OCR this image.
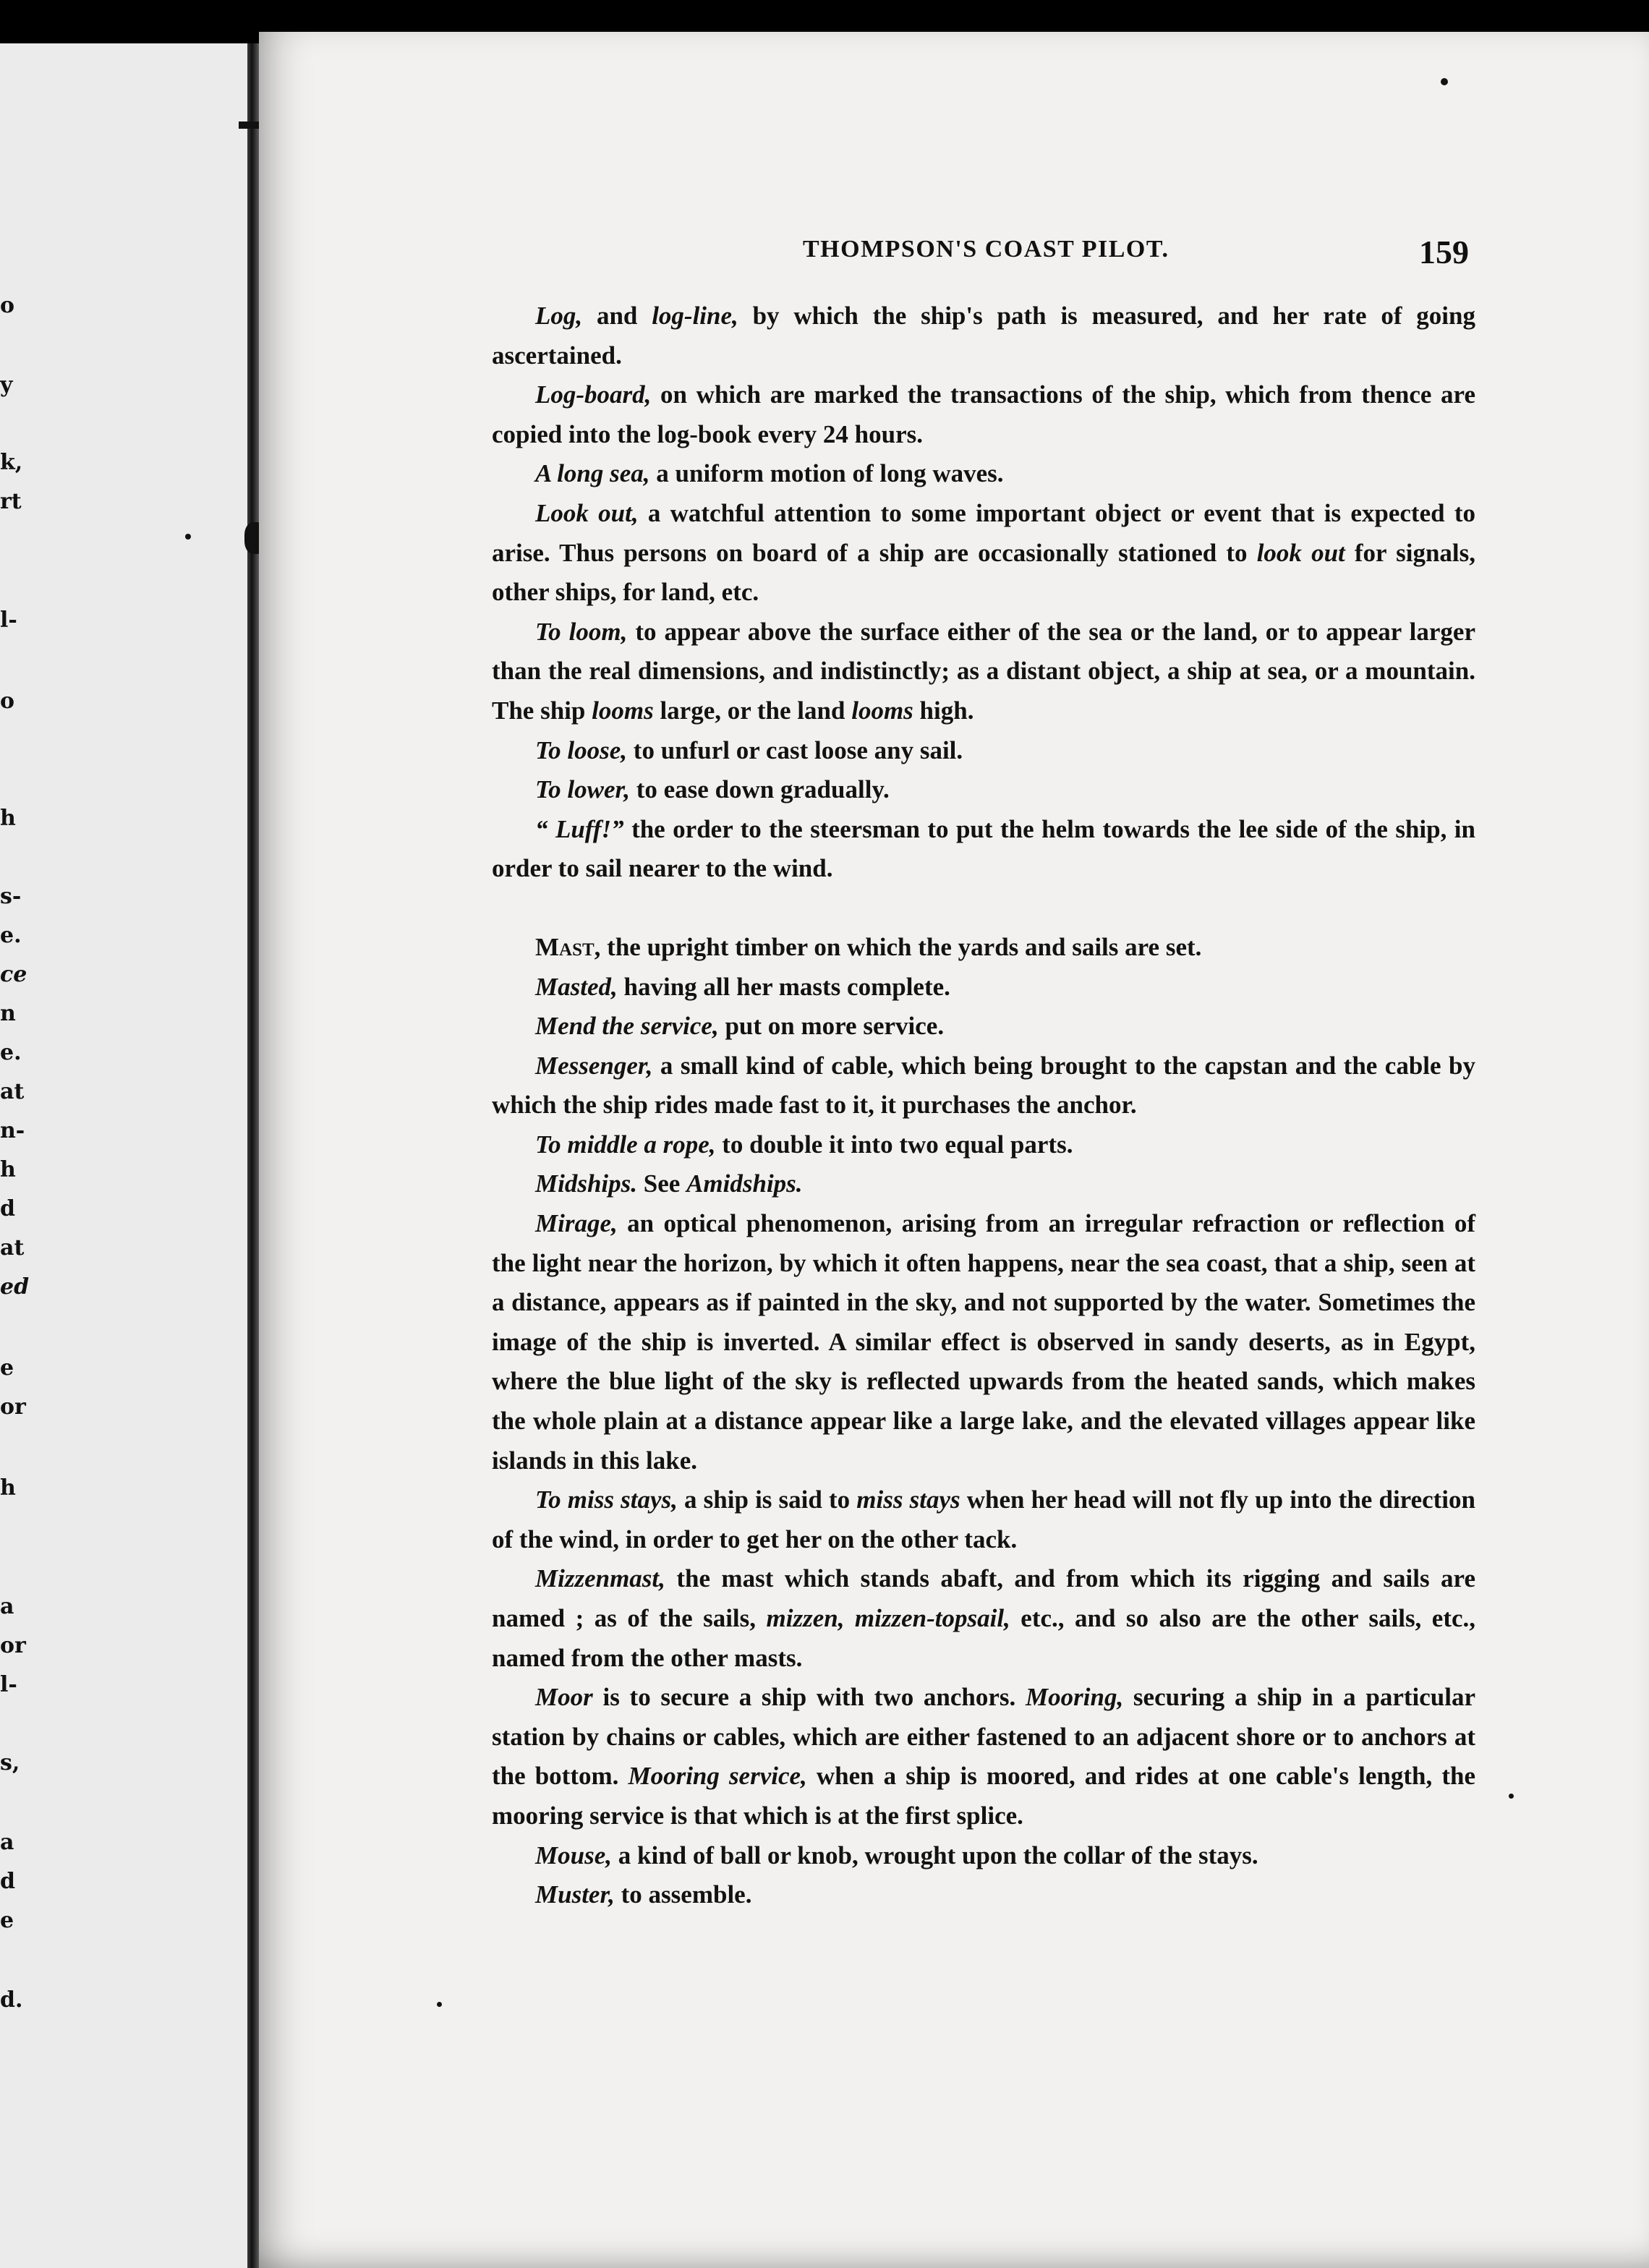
o
y
k,
rt
l-
o
h
s-
e.
ce
n
e.
at
n-
h
d
at
ed
e
or
h
a
or
l-
s,
a
d
e
d.
THOMPSON'S COAST PILOT.	159

Log, and log-line, by which the ship's path is measured, and her rate of going ascertained.

Log-board, on which are marked the transactions of the ship, which from thence are copied into the log-book every 24 hours.

A long sea, a uniform motion of long waves.

Look out, a watchful attention to some important object or event that is expected to arise. Thus persons on board of a ship are occasionally stationed to look out for signals, other ships, for land, etc.

To loom, to appear above the surface either of the sea or the land, or to appear larger than the real dimensions, and indistinctly; as a distant object, a ship at sea, or a mountain. The ship looms large, or the land looms high.

To loose, to unfurl or cast loose any sail.

To lower, to ease down gradually.

“ Luff!” the order to the steersman to put the helm towards the lee side of the ship, in order to sail nearer to the wind.

Mast, the upright timber on which the yards and sails are set.

Masted, having all her masts complete.

Mend the service, put on more service.

Messenger, a small kind of cable, which being brought to the capstan and the cable by which the ship rides made fast to it, it purchases the anchor.

To middle a rope, to double it into two equal parts.

Midships. See Amidships.

Mirage, an optical phenomenon, arising from an irregular refraction or reflection of the light near the horizon, by which it often happens, near the sea coast, that a ship, seen at a distance, appears as if painted in the sky, and not supported by the water. Sometimes the image of the ship is inverted. A similar effect is observed in sandy deserts, as in Egypt, where the blue light of the sky is reflected upwards from the heated sands, which makes the whole plain at a distance appear like a large lake, and the elevated villages appear like islands in this lake.

To miss stays, a ship is said to miss stays when her head will not fly up into the direction of the wind, in order to get her on the other tack.

Mizzenmast, the mast which stands abaft, and from which its rigging and sails are named ; as of the sails, mizzen, mizzen-topsail, etc., and so also are the other sails, etc., named from the other masts.

Moor is to secure a ship with two anchors. Mooring, securing a ship in a particular station by chains or cables, which are either fastened to an adjacent shore or to anchors at the bottom. Mooring service, when a ship is moored, and rides at one cable's length, the mooring service is that which is at the first splice.

Mouse, a kind of ball or knob, wrought upon the collar of the stays.

Muster, to assemble.
